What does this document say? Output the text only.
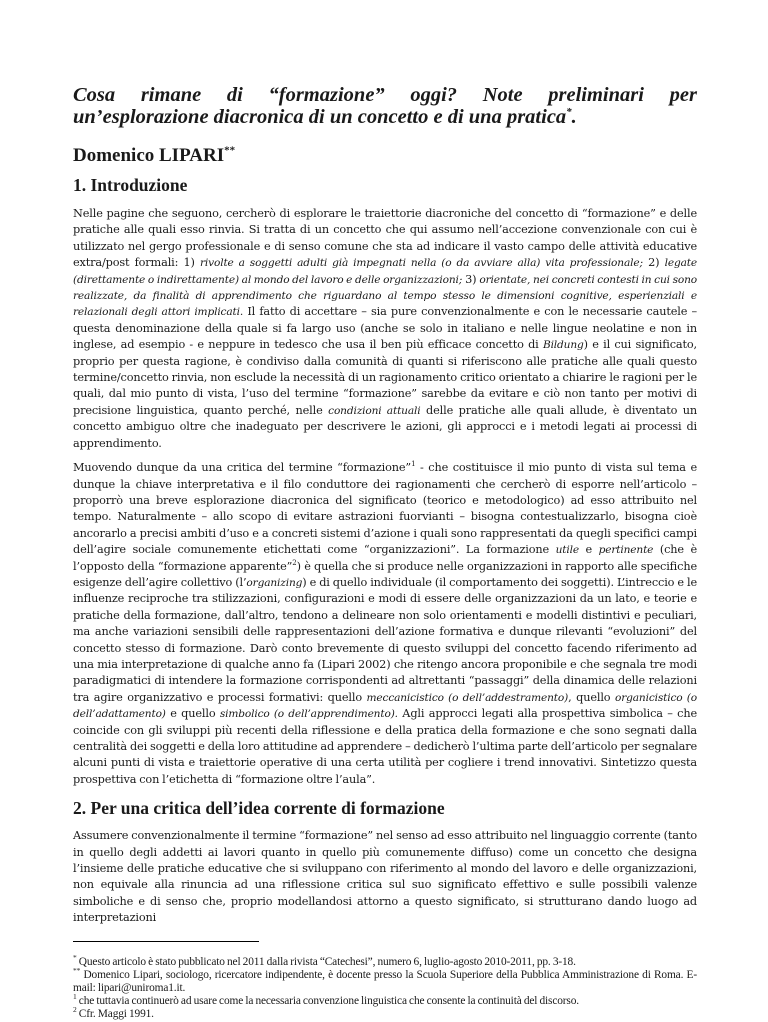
Cosa rimane di “formazione” oggi? Note preliminari per
un’esplorazione diacronica di un concetto e di una pratica*.
Domenico LIPARI**
1. Introduzione

Nelle pagine che seguono, cercherò di esplorare le traiettorie diacroniche del concetto di “formazione” e delle pratiche alle quali esso rinvia. Si tratta di un concetto che qui assumo nell’accezione convenzionale con cui è utilizzato nel gergo professionale e di senso comune che sta ad indicare il vasto campo delle attività educative extra/post formali: 1) rivolte a soggetti adulti già impegnati nella (o da avviare alla) vita professionale; 2) legate (direttamente o indirettamente) al mondo del lavoro e delle organizzazioni; 3) orientate, nei concreti contesti in cui sono realizzate, da finalità di apprendimento che riguardano al tempo stesso le dimensioni cognitive, esperienziali e relazionali degli attori implicati. Il fatto di accettare – sia pure convenzionalmente e con le necessarie cautele – questa denominazione della quale si fa largo uso (anche se solo in italiano e nelle lingue neolatine e non in inglese, ad esempio - e neppure in tedesco che usa il ben più efficace concetto di Bildung) e il cui significato, proprio per questa ragione, è condiviso dalla comunità di quanti si riferiscono alle pratiche alle quali questo termine/concetto rinvia, non esclude la necessità di un ragionamento critico orientato a chiarire le ragioni per le quali, dal mio punto di vista, l’uso del termine “formazione” sarebbe da evitare e ciò non tanto per motivi di precisione linguistica, quanto perché, nelle condizioni attuali delle pratiche alle quali allude, è diventato un concetto ambiguo oltre che inadeguato per descrivere le azioni, gli approcci e i metodi legati ai processi di apprendimento.

Muovendo dunque da una critica del termine “formazione”$^1$ - che costituisce il mio punto di vista sul tema e dunque la chiave interpretativa e il filo conduttore dei ragionamenti che cercherò di esporre nell’articolo – proporrò una breve esplorazione diacronica del significato (teorico e metodologico) ad esso attribuito nel tempo. Naturalmente – allo scopo di evitare astrazioni fuorvianti – bisogna contestualizzarlo, bisogna cioè ancorarlo a precisi ambiti d’uso e a concreti sistemi d’azione i quali sono rappresentati da quegli specifici campi dell’agire sociale comunemente etichettati come “organizzazioni”. La formazione utile e pertinente (che è l’opposto della “formazione apparente”$^2$) è quella che si produce nelle organizzazioni in rapporto alle specifiche esigenze dell’agire collettivo (l’organizing) e di quello individuale (il comportamento dei soggetti). L’intreccio e le influenze reciproche tra stilizzazioni, configurazioni e modi di essere delle organizzazioni da un lato, e teorie e pratiche della formazione, dall’altro, tendono a delineare non solo orientamenti e modelli distintivi e peculiari, ma anche variazioni sensibili delle rappresentazioni dell’azione formativa e dunque rilevanti “evoluzioni” del concetto stesso di formazione. Darò conto brevemente di questo sviluppi del concetto facendo riferimento ad una mia interpretazione di qualche anno fa (Lipari 2002) che ritengo ancora proponibile e che segnala tre modi paradigmatici di intendere la formazione corrispondenti ad altrettanti “passaggi” della dinamica delle relazioni tra agire organizzativo e processi formativi: quello meccanicistico (o dell’addestramento), quello organicistico (o dell’adattamento) e quello simbolico (o dell’apprendimento). Agli approcci legati alla prospettiva simbolica – che coincide con gli sviluppi più recenti della riflessione e della pratica della formazione e che sono segnati dalla centralità dei soggetti e della loro attitudine ad apprendere – dedicherò l’ultima parte dell’articolo per segnalare alcuni punti di vista e traiettorie operative di una certa utilità per cogliere i trend innovativi. Sintetizzo questa prospettiva con l’etichetta di “formazione oltre l’aula”.

2. Per una critica dell’idea corrente di formazione

Assumere convenzionalmente il termine “formazione” nel senso ad esso attribuito nel linguaggio corrente (tanto in quello degli addetti ai lavori quanto in quello più comunemente diffuso) come un concetto che designa l’insieme delle pratiche educative che si sviluppano con riferimento al mondo del lavoro e delle organizzazioni, non equivale alla rinuncia ad una riflessione critica sul suo significato effettivo e sulle possibili valenze simboliche e di senso che, proprio modellandosi attorno a questo significato, si strutturano dando luogo ad interpretazioni

* Questo articolo è stato pubblicato nel 2011 dalla rivista “Catechesi”, numero 6, luglio-agosto 2010-2011, pp. 3-18.

** Domenico Lipari, sociologo, ricercatore indipendente, è docente presso la Scuola Superiore della Pubblica Amministrazione di Roma. E-mail: lipari@uniroma1.it.

$^1$ che tuttavia continuerò ad usare come la necessaria convenzione linguistica che consente la continuità del discorso.

$^2$ Cfr. Maggi 1991.
